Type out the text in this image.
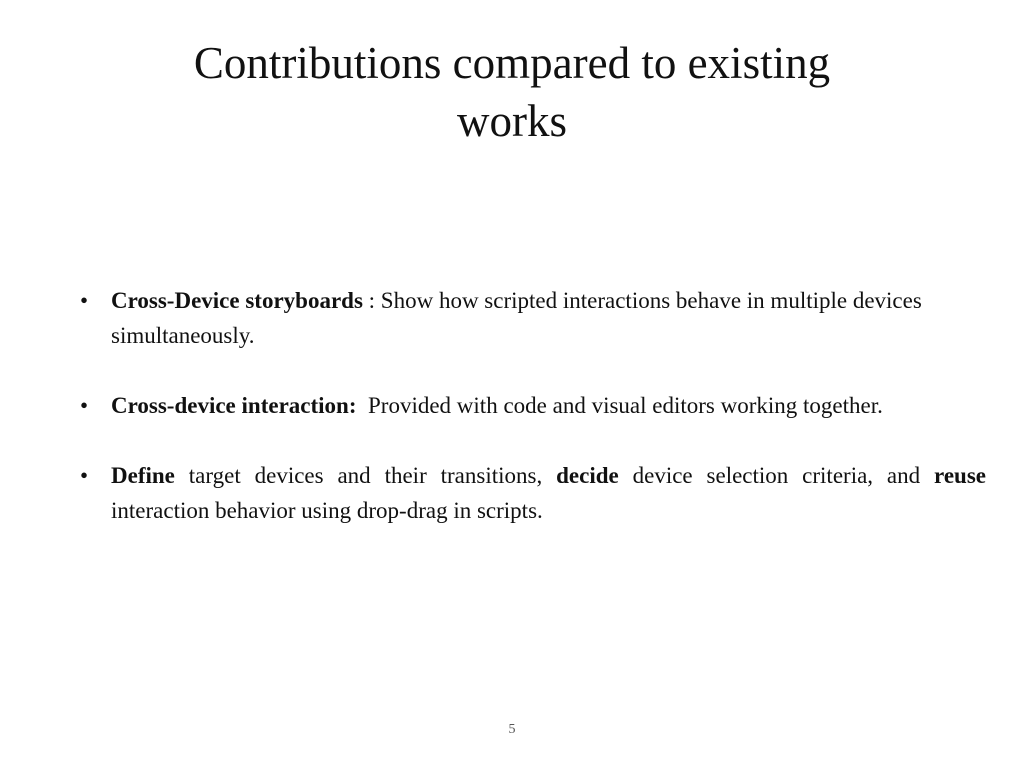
Contributions compared to existing
works
• Cross-Device storyboards : Show how scripted interactions behave in multiple devices simultaneously.
• Cross-device interaction:  Provided with code and visual editors working together.
• Define target devices and their transitions, decide device selection criteria, and reuse interaction behavior using drop-drag in scripts.
5
